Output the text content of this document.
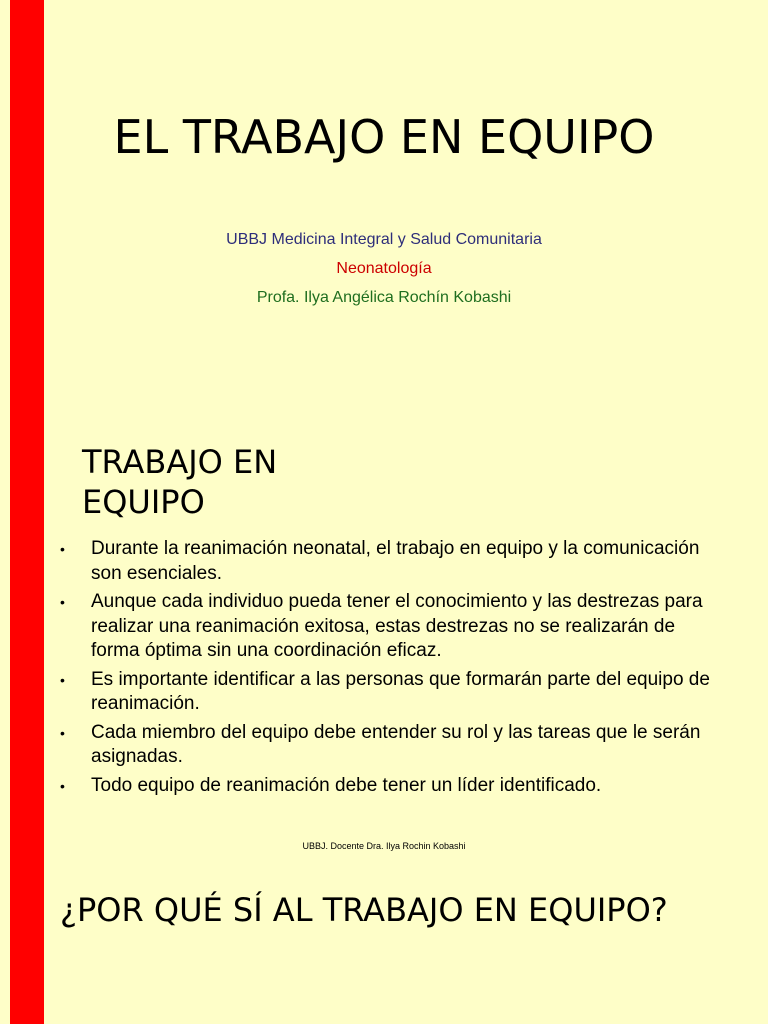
EL TRABAJO EN EQUIPO

UBBJ Medicina Integral y Salud Comunitaria

Neonatología

Profa. Ilya Angélica Rochín Kobashi

TRABAJO EN EQUIPO
• Durante la reanimación neonatal, el trabajo en equipo y la comunicación son esenciales.
• Aunque cada individuo pueda tener el conocimiento y las destrezas para realizar una reanimación exitosa, estas destrezas no se realizarán de forma óptima sin una coordinación eficaz.
• Es importante identificar a las personas que formarán parte del equipo de reanimación.
• Cada miembro del equipo debe entender su rol y las tareas que le serán asignadas.
• Todo equipo de reanimación debe tener un líder identificado.

UBBJ. Docente Dra. Ilya Rochin Kobashi

¿POR QUÉ SÍ AL TRABAJO EN EQUIPO?
